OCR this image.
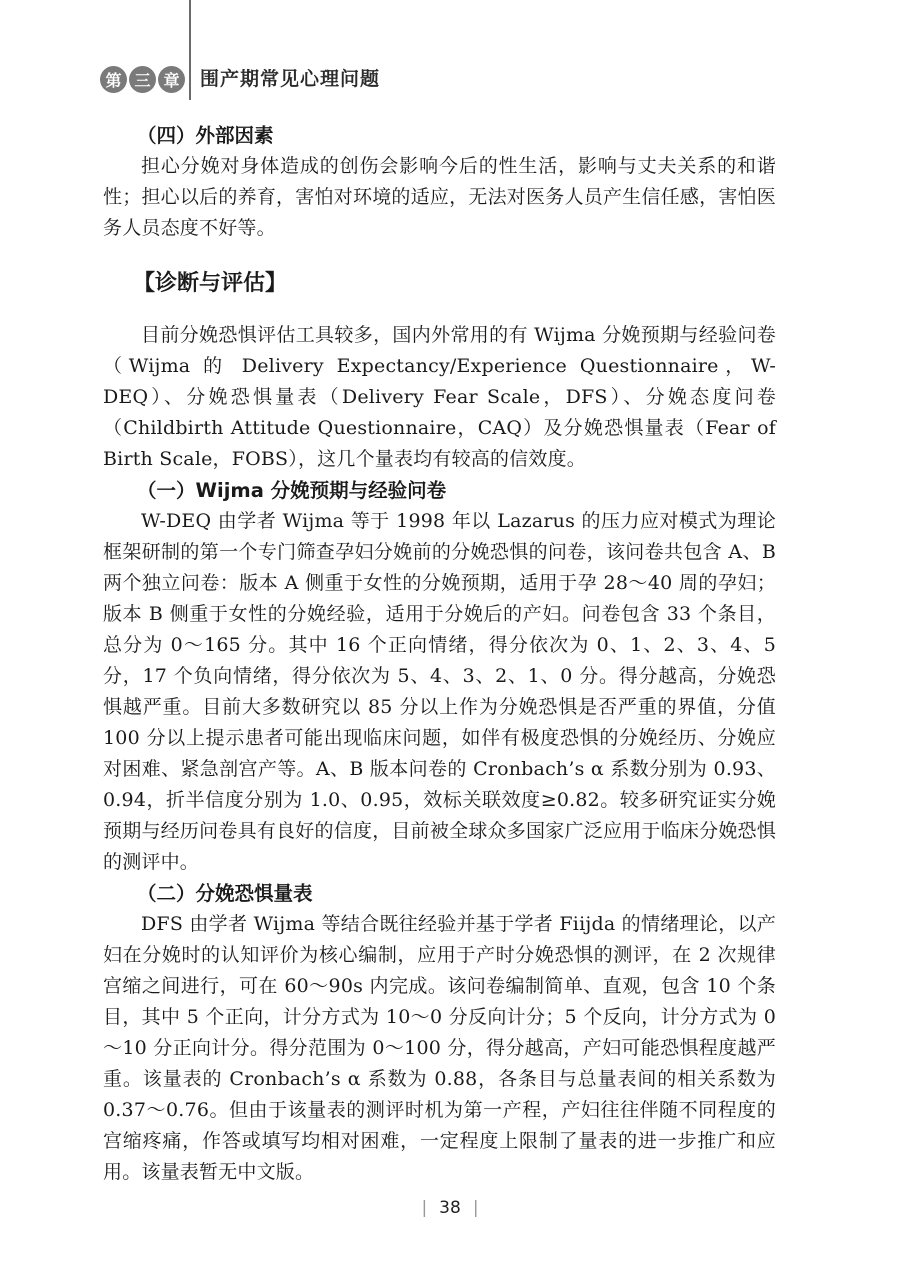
第 三 章 围产期常见心理问题
（四）外部因素

担心分娩对身体造成的创伤会影响今后的性生活，影响与丈夫关系的和谐性；担心以后的养育，害怕对环境的适应，无法对医务人员产生信任感，害怕医务人员态度不好等。

【诊断与评估】

目前分娩恐惧评估工具较多，国内外常用的有 Wijma 分娩预期与经验问卷（Wijma 的 Delivery Expectancy/Experience Questionnaire，W-DEQ）、分娩恐惧量表（Delivery Fear Scale，DFS）、分娩态度问卷（Childbirth Attitude Questionnaire，CAQ）及分娩恐惧量表（Fear of Birth Scale，FOBS），这几个量表均有较高的信效度。

（一）Wijma 分娩预期与经验问卷

W-DEQ 由学者 Wijma 等于 1998 年以 Lazarus 的压力应对模式为理论框架研制的第一个专门筛查孕妇分娩前的分娩恐惧的问卷，该问卷共包含 A、B 两个独立问卷：版本 A 侧重于女性的分娩预期，适用于孕 28～40 周的孕妇；版本 B 侧重于女性的分娩经验，适用于分娩后的产妇。问卷包含 33 个条目，总分为 0～165 分。其中 16 个正向情绪，得分依次为 0、1、2、3、4、5 分，17 个负向情绪，得分依次为 5、4、3、2、1、0 分。得分越高，分娩恐惧越严重。目前大多数研究以 85 分以上作为分娩恐惧是否严重的界值，分值 100 分以上提示患者可能出现临床问题，如伴有极度恐惧的分娩经历、分娩应对困难、紧急剖宫产等。A、B 版本问卷的 Cronbach’s α 系数分别为 0.93、0.94，折半信度分别为 1.0、0.95，效标关联效度≥0.82。较多研究证实分娩预期与经历问卷具有良好的信度，目前被全球众多国家广泛应用于临床分娩恐惧的测评中。

（二）分娩恐惧量表

DFS 由学者 Wijma 等结合既往经验并基于学者 Fiijda 的情绪理论，以产妇在分娩时的认知评价为核心编制，应用于产时分娩恐惧的测评，在 2 次规律宫缩之间进行，可在 60～90s 内完成。该问卷编制简单、直观，包含 10 个条目，其中 5 个正向，计分方式为 10～0 分反向计分；5 个反向，计分方式为 0～10 分正向计分。得分范围为 0～100 分，得分越高，产妇可能恐惧程度越严重。该量表的 Cronbach’s α 系数为 0.88，各条目与总量表间的相关系数为 0.37～0.76。但由于该量表的测评时机为第一产程，产妇往往伴随不同程度的宫缩疼痛，作答或填写均相对困难，一定程度上限制了量表的进一步推广和应用。该量表暂无中文版。

| 38 |
